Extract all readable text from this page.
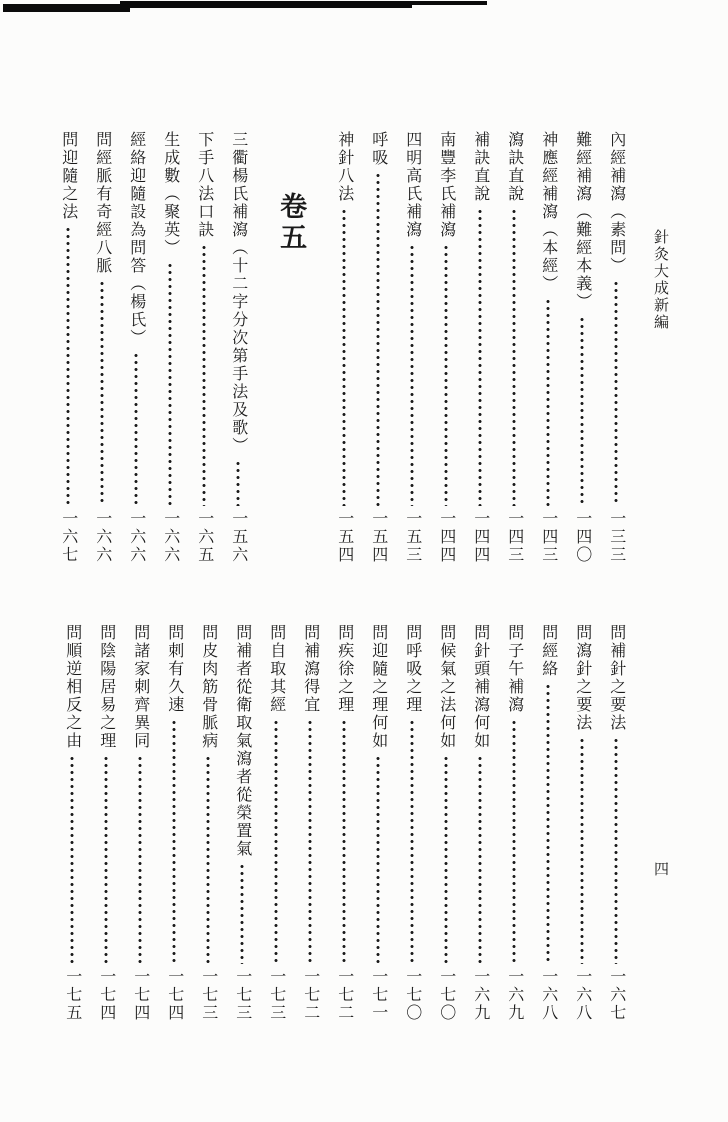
針灸大成新編
四
內經補瀉（素問）
一三三
難經補瀉（難經本義）
一四〇
神應經補瀉（本經）
一四三
瀉訣直說
一四三
補訣直說
一四四
南豐李氏補瀉
一四四
四明高氏補瀉
一五三
呼吸
一五四
神針八法
一五四
卷五
三衢楊氏補瀉（十二字分次第手法及歌）
一五六
下手八法口訣
一六五
生成數（聚英）
一六六
經絡迎隨設為問答（楊氏）
一六六
問經脈有奇經八脈
一六六
問迎隨之法
一六七
問補針之要法
一六七
問瀉針之要法
一六八
問經絡
一六八
問子午補瀉
一六九
問針頭補瀉何如
一六九
問候氣之法何如
一七〇
問呼吸之理
一七〇
問迎隨之理何如
一七一
問疾徐之理
一七二
問補瀉得宜
一七二
問自取其經
一七三
問補者從衛取氣瀉者從榮置氣
一七三
問皮肉筋骨脈病
一七三
問刺有久速
一七四
問諸家刺齊異同
一七四
問陰陽居易之理
一七四
問順逆相反之由
一七五
